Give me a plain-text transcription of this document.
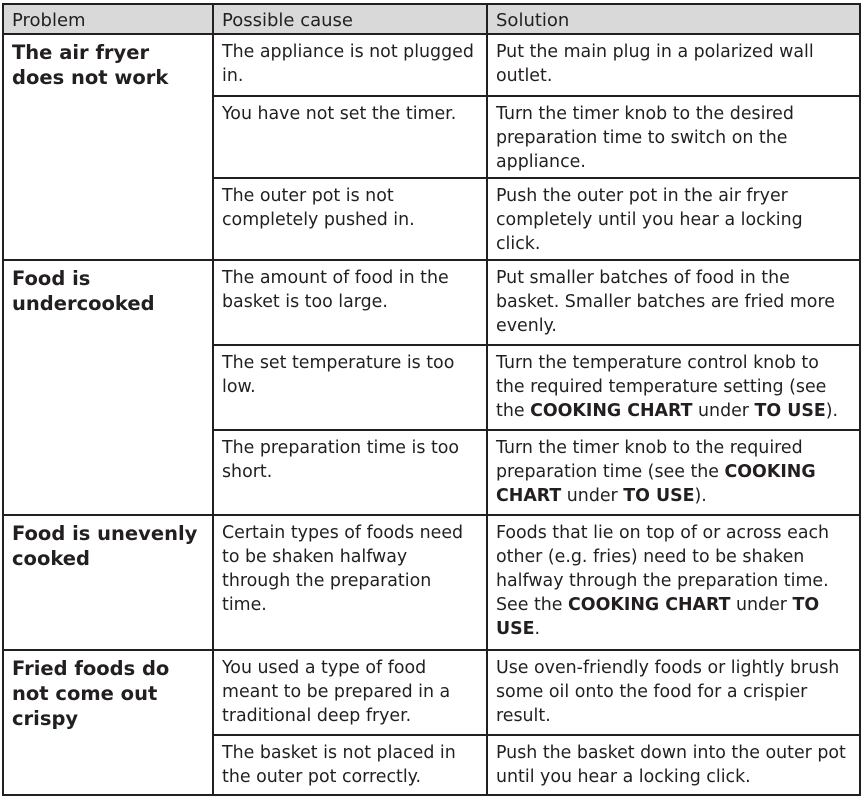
Problem	Possible cause	Solution
The air fryer does not work	The appliance is not plugged in.	Put the main plug in a polarized wall outlet.
	You have not set the timer.	Turn the timer knob to the desired preparation time to switch on the appliance.
	The outer pot is not completely pushed in.	Push the outer pot in the air fryer completely until you hear a locking click.
Food is undercooked	The amount of food in the basket is too large.	Put smaller batches of food in the basket. Smaller batches are fried more evenly.
	The set temperature is too low.	Turn the temperature control knob to the required temperature setting (see the COOKING CHART under TO USE).
	The preparation time is too short.	Turn the timer knob to the required preparation time (see the COOKING CHART under TO USE).
Food is unevenly cooked	Certain types of foods need to be shaken halfway through the preparation time.	Foods that lie on top of or across each other (e.g. fries) need to be shaken halfway through the preparation time. See the COOKING CHART under TO USE.
Fried foods do not come out crispy	You used a type of food meant to be prepared in a traditional deep fryer.	Use oven-friendly foods or lightly brush some oil onto the food for a crispier result.
	The basket is not placed in the outer pot correctly.	Push the basket down into the outer pot until you hear a locking click.
